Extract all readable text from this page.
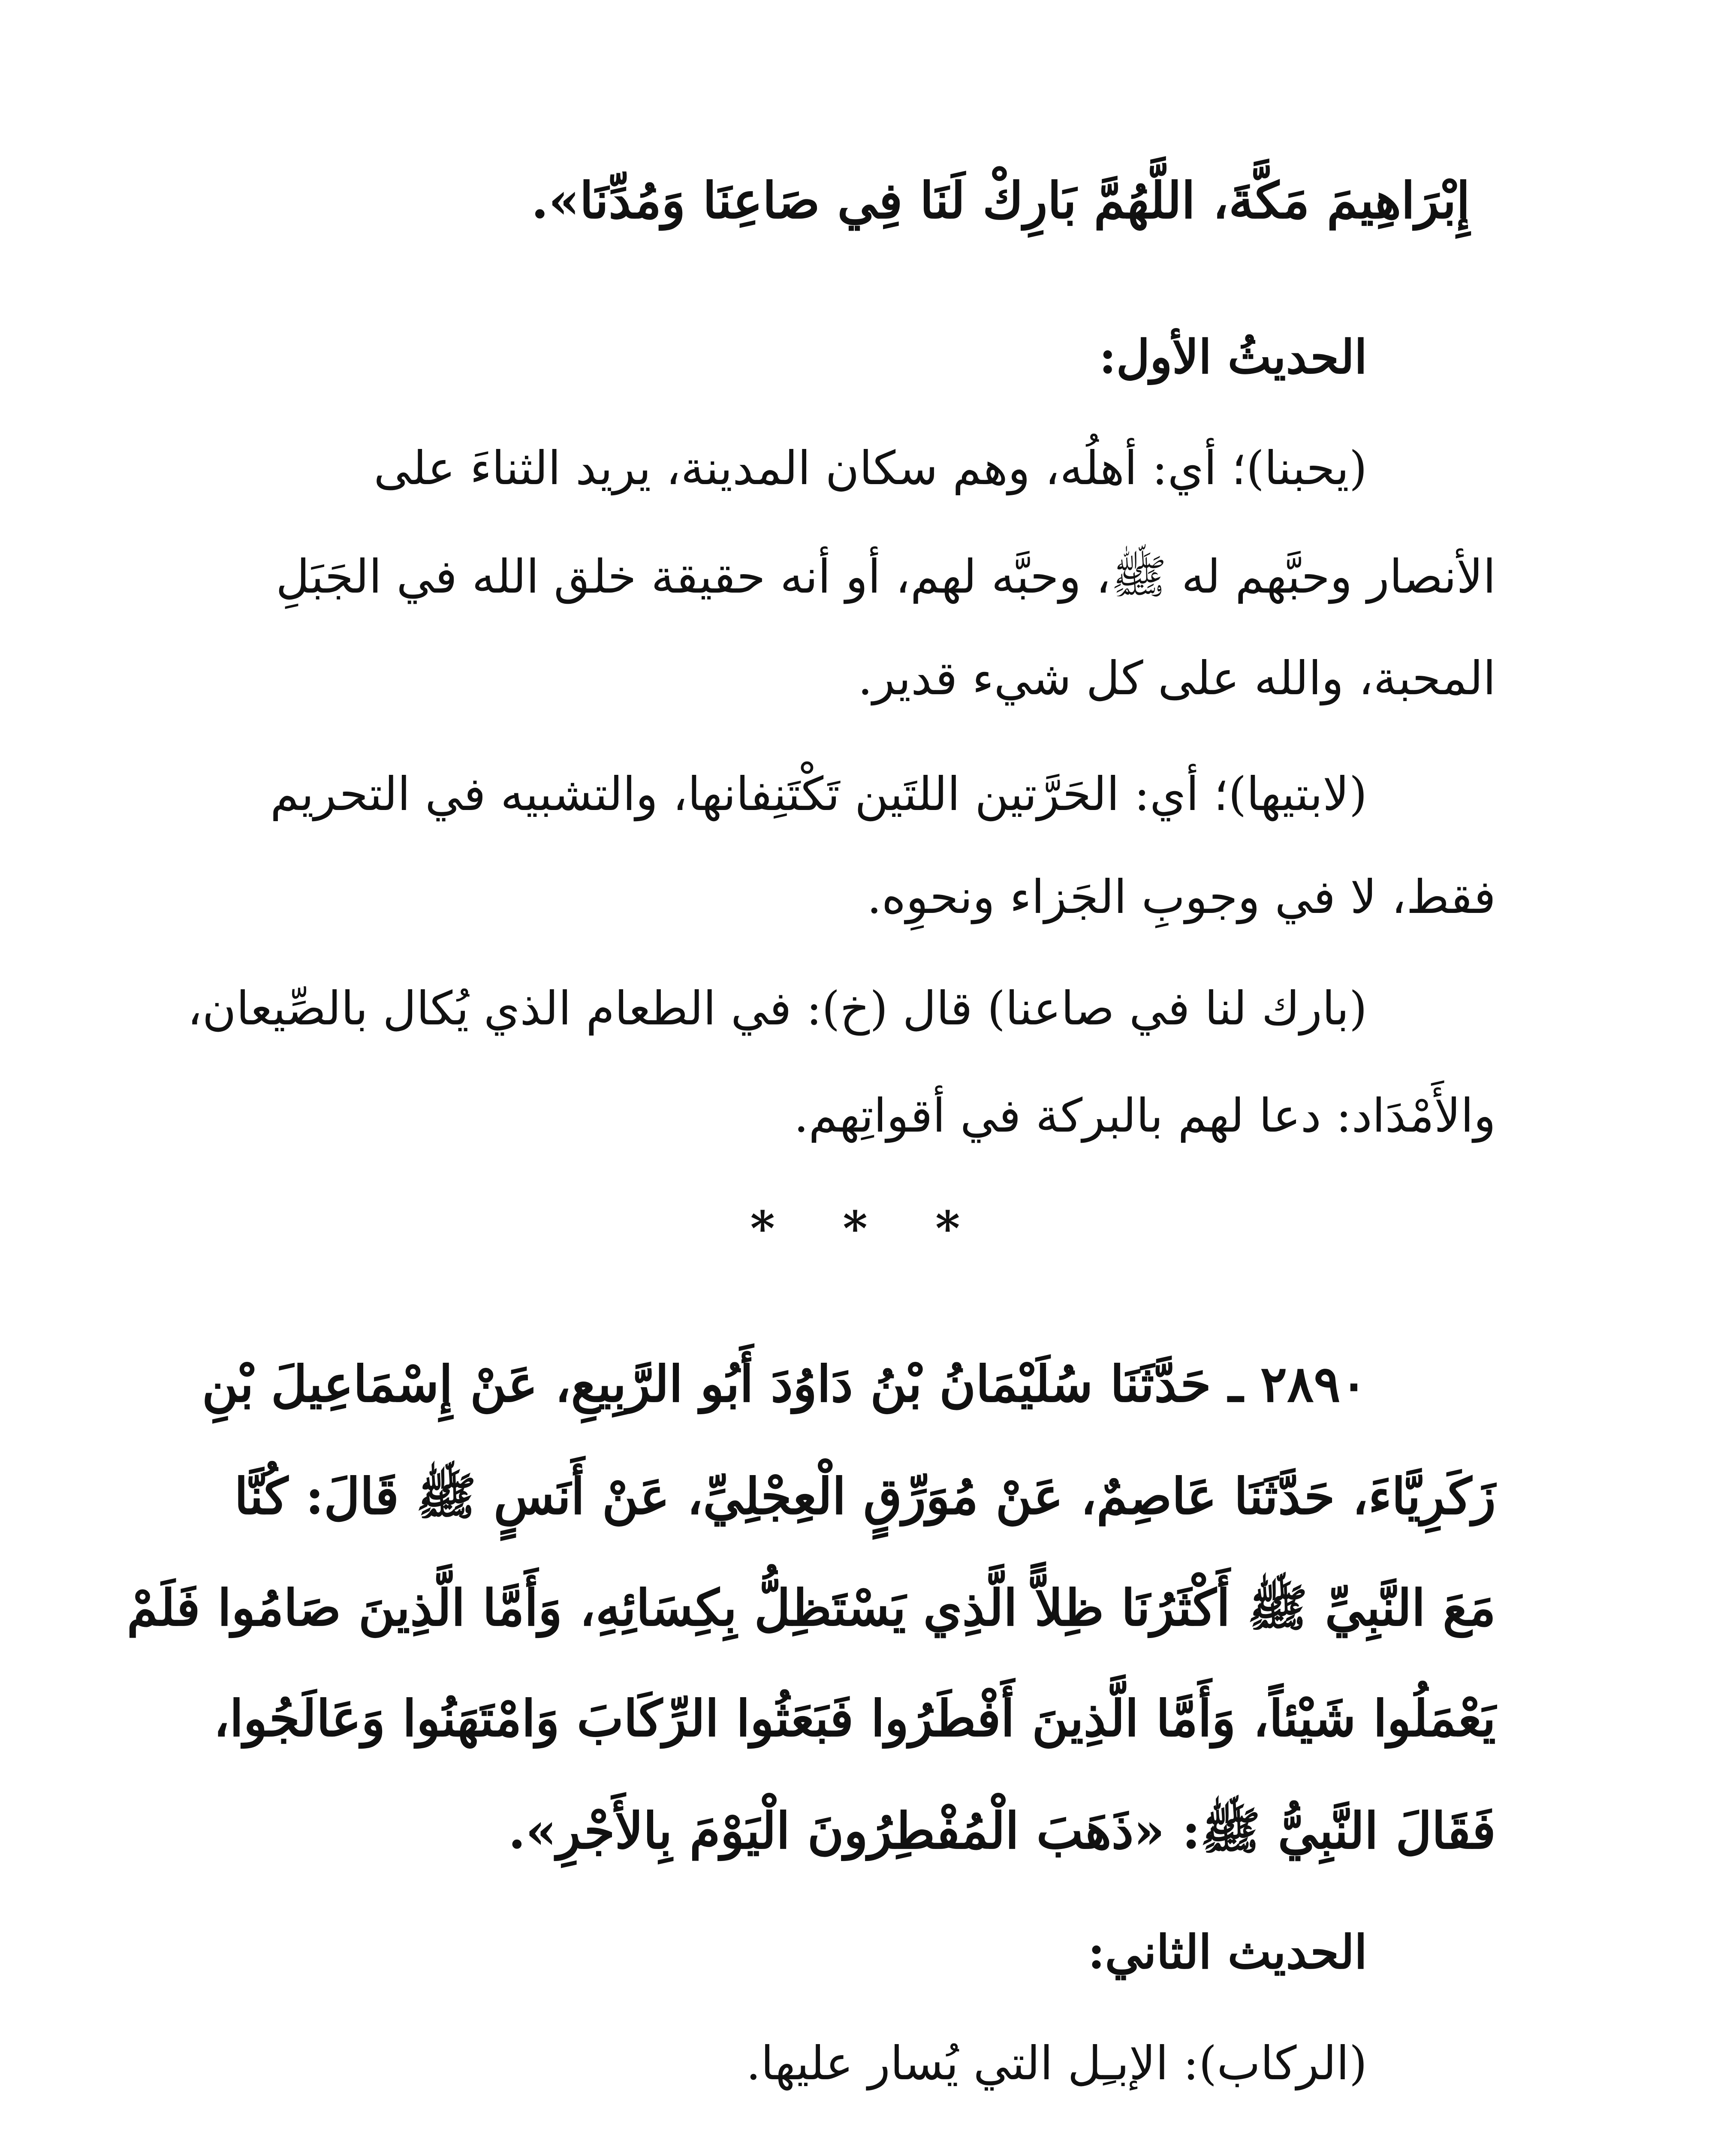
إِبْرَاهِيمَ مَكَّةَ، اللَّهُمَّ بَارِكْ لَنَا فِي صَاعِنَا وَمُدِّنَا».
الحديثُ الأول:
(يحبنا)؛ أي: أهلُه، وهم سكان المدينة، يريد الثناءَ على
الأنصار وحبَّهم له ﷺ، وحبَّه لهم، أو أنه حقيقة خلق الله في الجَبَلِ
المحبة، والله على كل شيء قدير.
(لابتيها)؛ أي: الحَرَّتين اللتَين تَكْتَنِفانها، والتشبيه في التحريم
فقط، لا في وجوبِ الجَزاء ونحوِه.
(بارك لنا في صاعنا) قال (خ): في الطعام الذي يُكال بالصِّيعان،
والأَمْدَاد: دعا لهم بالبركة في أقواتِهم.
* * *
٢٨٩٠ ـ حَدَّثَنَا سُلَيْمَانُ بْنُ دَاوُدَ أَبُو الرَّبِيعِ، عَنْ إِسْمَاعِيلَ بْنِ
زَكَرِيَّاءَ، حَدَّثَنَا عَاصِمٌ، عَنْ مُوَرِّقٍ الْعِجْلِيِّ، عَنْ أَنَسٍ ﷺ قَالَ: كُنَّا
مَعَ النَّبِيِّ ﷺ أَكْثَرُنَا ظِلاًّ الَّذِي يَسْتَظِلُّ بِكِسَائِهِ، وَأَمَّا الَّذِينَ صَامُوا فَلَمْ
يَعْمَلُوا شَيْئاً، وَأَمَّا الَّذِينَ أَفْطَرُوا فَبَعَثُوا الرِّكَابَ وَامْتَهَنُوا وَعَالَجُوا،
فَقَالَ النَّبِيُّ ﷺ: «ذَهَبَ الْمُفْطِرُونَ الْيَوْمَ بِالأَجْرِ».
الحديث الثاني:
(الركاب): الإبـِل التي يُسار عليها.
